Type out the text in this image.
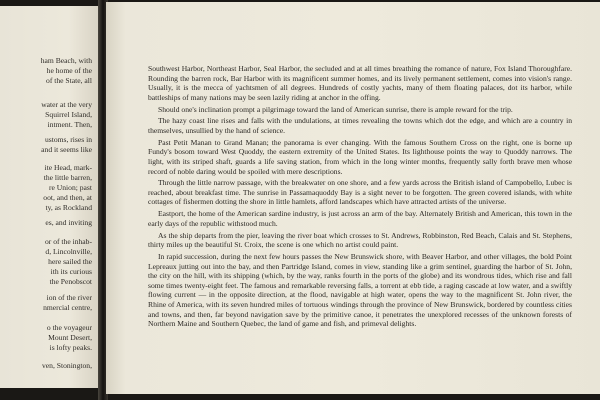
ham Beach, with
he home of the
of the State, all
water at the very
Squirrel Island,
intment. Then,
ustoms, rises in
and it seems like
ite Head, mark-
the little barren,
re Union; past
oot, and then, at
ty, as Rockland
es, and inviting
or of the inhab-
d, Lincolnville,
here sailed the
ith its curious
the Penobscot
ion of the river
nmercial centre,
o the voyageur
Mount Desert,
is lofty peaks.
ven, Stonington,

Southwest Harbor, Northeast Harbor, Seal Harbor, the secluded and at all times breathing the romance of nature, Fox Island Thoroughfare. Rounding the barren rock, Bar Harbor with its magnificent summer homes, and its lively permanent settlement, comes into vision's range. Usually, it is the mecca of yachtsmen of all degrees. Hundreds of costly yachts, many of them floating palaces, dot its harbor, while battleships of many nations may be seen lazily riding at anchor in the offing.

Should one's inclination prompt a pilgrimage toward the land of American sunrise, there is ample reward for the trip.

The hazy coast line rises and falls with the undulations, at times revealing the towns which dot the edge, and which are a country in themselves, unsullied by the hand of science.

Past Petit Manan to Grand Manan; the panorama is ever changing. With the famous Southern Cross on the right, one is borne up Fundy's bosom toward West Quoddy, the eastern extremity of the United States. Its lighthouse points the way to Quoddy narrows. The light, with its striped shaft, guards a life saving station, from which in the long winter months, frequently sally forth brave men whose record of noble daring would be spoiled with mere descriptions.

Through the little narrow passage, with the breakwater on one shore, and a few yards across the British island of Campobello, Lubec is reached, about breakfast time. The sunrise in Passamaquoddy Bay is a sight never to be forgotten. The green covered islands, with white cottages of fishermen dotting the shore in little hamlets, afford landscapes which have attracted artists of the universe.

Eastport, the home of the American sardine industry, is just across an arm of the bay. Alternately British and American, this town in the early days of the republic withstood much.

As the ship departs from the pier, leaving the river boat which crosses to St. Andrews, Robbinston, Red Beach, Calais and St. Stephens, thirty miles up the beautiful St. Croix, the scene is one which no artist could paint.

In rapid succession, during the next few hours passes the New Brunswick shore, with Beaver Harbor, and other villages, the bold Point Lepreaux jutting out into the bay, and then Partridge Island, comes in view, standing like a grim sentinel, guarding the harbor of St. John, the city on the hill, with its shipping (which, by the way, ranks fourth in the ports of the globe) and its wondrous tides, which rise and fall some times twenty-eight feet. The famous and remarkable reversing falls, a torrent at ebb tide, a raging cascade at low water, and a swiftly flowing current — in the opposite direction, at the flood, navigable at high water, opens the way to the magnificent St. John river, the Rhine of America, with its seven hundred miles of tortuous windings through the province of New Brunswick, bordered by countless cities and towns, and then, far beyond navigation save by the primitive canoe, it penetrates the unexplored recesses of the unknown forests of Northern Maine and Southern Quebec, the land of game and fish, and primeval delights.
